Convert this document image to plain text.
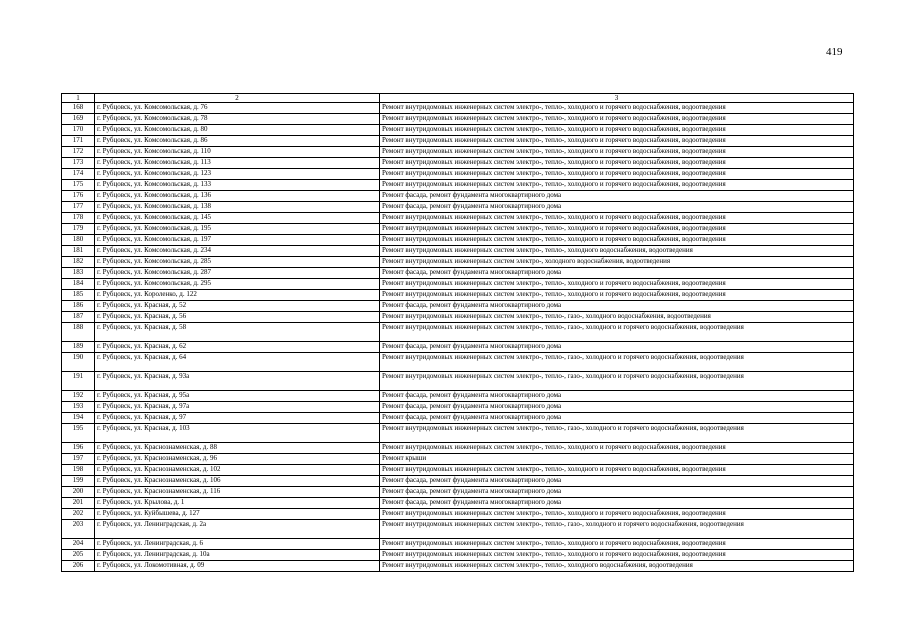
419
1	2	3
168	г. Рубцовск, ул. Комсомольская, д. 76	Ремонт внутридомовых инженерных систем электро-, тепло-, холодного и горячего водоснабжения, водоотведения
169	г. Рубцовск, ул. Комсомольская, д. 78	Ремонт внутридомовых инженерных систем электро-, тепло-, холодного и горячего водоснабжения, водоотведения
170	г. Рубцовск, ул. Комсомольская, д. 80	Ремонт внутридомовых инженерных систем электро-, тепло-, холодного и горячего водоснабжения, водоотведения
171	г. Рубцовск, ул. Комсомольская, д. 86	Ремонт внутридомовых инженерных систем электро-, тепло-, холодного и горячего водоснабжения, водоотведения
172	г. Рубцовск, ул. Комсомольская, д. 110	Ремонт внутридомовых инженерных систем электро-, тепло-, холодного и горячего водоснабжения, водоотведения
173	г. Рубцовск, ул. Комсомольская, д. 113	Ремонт внутридомовых инженерных систем электро-, тепло-, холодного и горячего водоснабжения, водоотведения
174	г. Рубцовск, ул. Комсомольская, д. 123	Ремонт внутридомовых инженерных систем электро-, тепло-, холодного и горячего водоснабжения, водоотведения
175	г. Рубцовск, ул. Комсомольская, д. 133	Ремонт внутридомовых инженерных систем электро-, тепло-, холодного и горячего водоснабжения, водоотведения
176	г. Рубцовск, ул. Комсомольская, д. 136	Ремонт фасада, ремонт фундамента многоквартирного дома
177	г. Рубцовск, ул. Комсомольская, д. 138	Ремонт фасада, ремонт фундамента многоквартирного дома
178	г. Рубцовск, ул. Комсомольская, д. 145	Ремонт внутридомовых инженерных систем электро-, тепло-, холодного и горячего водоснабжения, водоотведения
179	г. Рубцовск, ул. Комсомольская, д. 195	Ремонт внутридомовых инженерных систем электро-, тепло-, холодного и горячего водоснабжения, водоотведения
180	г. Рубцовск, ул. Комсомольская, д. 197	Ремонт внутридомовых инженерных систем электро-, тепло-, холодного и горячего водоснабжения, водоотведения
181	г. Рубцовск, ул. Комсомольская, д. 234	Ремонт внутридомовых инженерных систем электро-, тепло-, холодного водоснабжения, водоотведения
182	г. Рубцовск, ул. Комсомольская, д. 285	Ремонт внутридомовых инженерных систем электро-, холодного водоснабжения, водоотведения
183	г. Рубцовск, ул. Комсомольская, д. 287	Ремонт фасада, ремонт фундамента многоквартирного дома
184	г. Рубцовск, ул. Комсомольская, д. 295	Ремонт внутридомовых инженерных систем электро-, тепло-, холодного и горячего водоснабжения, водоотведения
185	г. Рубцовск, ул. Короленко, д. 122	Ремонт внутридомовых инженерных систем электро-, тепло-, холодного и горячего водоснабжения, водоотведения
186	г. Рубцовск, ул. Красная, д. 52	Ремонт фасада, ремонт фундамента многоквартирного дома
187	г. Рубцовск, ул. Красная, д. 56	Ремонт внутридомовых инженерных систем электро-, тепло-, газо-, холодного водоснабжения, водоотведения
188	г. Рубцовск, ул. Красная, д. 58	Ремонт внутридомовых инженерных систем электро-, тепло-, газо-, холодного и горячего водоснабжения, водоотведения
189	г. Рубцовск, ул. Красная, д. 62	Ремонт фасада, ремонт фундамента многоквартирного дома
190	г. Рубцовск, ул. Красная, д. 64	Ремонт внутридомовых инженерных систем электро-, тепло-, газо-, холодного и горячего водоснабжения, водоотведения
191	г. Рубцовск, ул. Красная, д. 93а	Ремонт внутридомовых инженерных систем электро-, тепло-, газо-, холодного и горячего водоснабжения, водоотведения
192	г. Рубцовск, ул. Красная, д. 95а	Ремонт фасада, ремонт фундамента многоквартирного дома
193	г. Рубцовск, ул. Красная, д. 97а	Ремонт фасада, ремонт фундамента многоквартирного дома
194	г. Рубцовск, ул. Красная, д. 97	Ремонт фасада, ремонт фундамента многоквартирного дома
195	г. Рубцовск, ул. Красная, д. 103	Ремонт внутридомовых инженерных систем электро-, тепло-, газо-, холодного и горячего водоснабжения, водоотведения
196	г. Рубцовск, ул. Краснознаменская, д. 88	Ремонт внутридомовых инженерных систем электро-, тепло-, холодного и горячего водоснабжения, водоотведения
197	г. Рубцовск, ул. Краснознаменская, д. 96	Ремонт крыши
198	г. Рубцовск, ул. Краснознаменская, д. 102	Ремонт внутридомовых инженерных систем электро-, тепло-, холодного и горячего водоснабжения, водоотведения
199	г. Рубцовск, ул. Краснознаменская, д. 106	Ремонт фасада, ремонт фундамента многоквартирного дома
200	г. Рубцовск, ул. Краснознаменская, д. 116	Ремонт фасада, ремонт фундамента многоквартирного дома
201	г. Рубцовск, ул. Крылова, д. 1	Ремонт фасада, ремонт фундамента многоквартирного дома
202	г. Рубцовск, ул. Куйбышева, д. 127	Ремонт внутридомовых инженерных систем электро-, тепло-, холодного и горячего водоснабжения, водоотведения
203	г. Рубцовск, ул. Ленинградская, д. 2а	Ремонт внутридомовых инженерных систем электро-, тепло-, газо-, холодного и горячего водоснабжения, водоотведения
204	г. Рубцовск, ул. Ленинградская, д. 6	Ремонт внутридомовых инженерных систем электро-, тепло-, холодного и горячего водоснабжения, водоотведения
205	г. Рубцовск, ул. Ленинградская, д. 10а	Ремонт внутридомовых инженерных систем электро-, тепло-, холодного и горячего водоснабжения, водоотведения
206	г. Рубцовск, ул. Локомотивная, д. 09	Ремонт внутридомовых инженерных систем электро-, тепло-, холодного водоснабжения, водоотведения
